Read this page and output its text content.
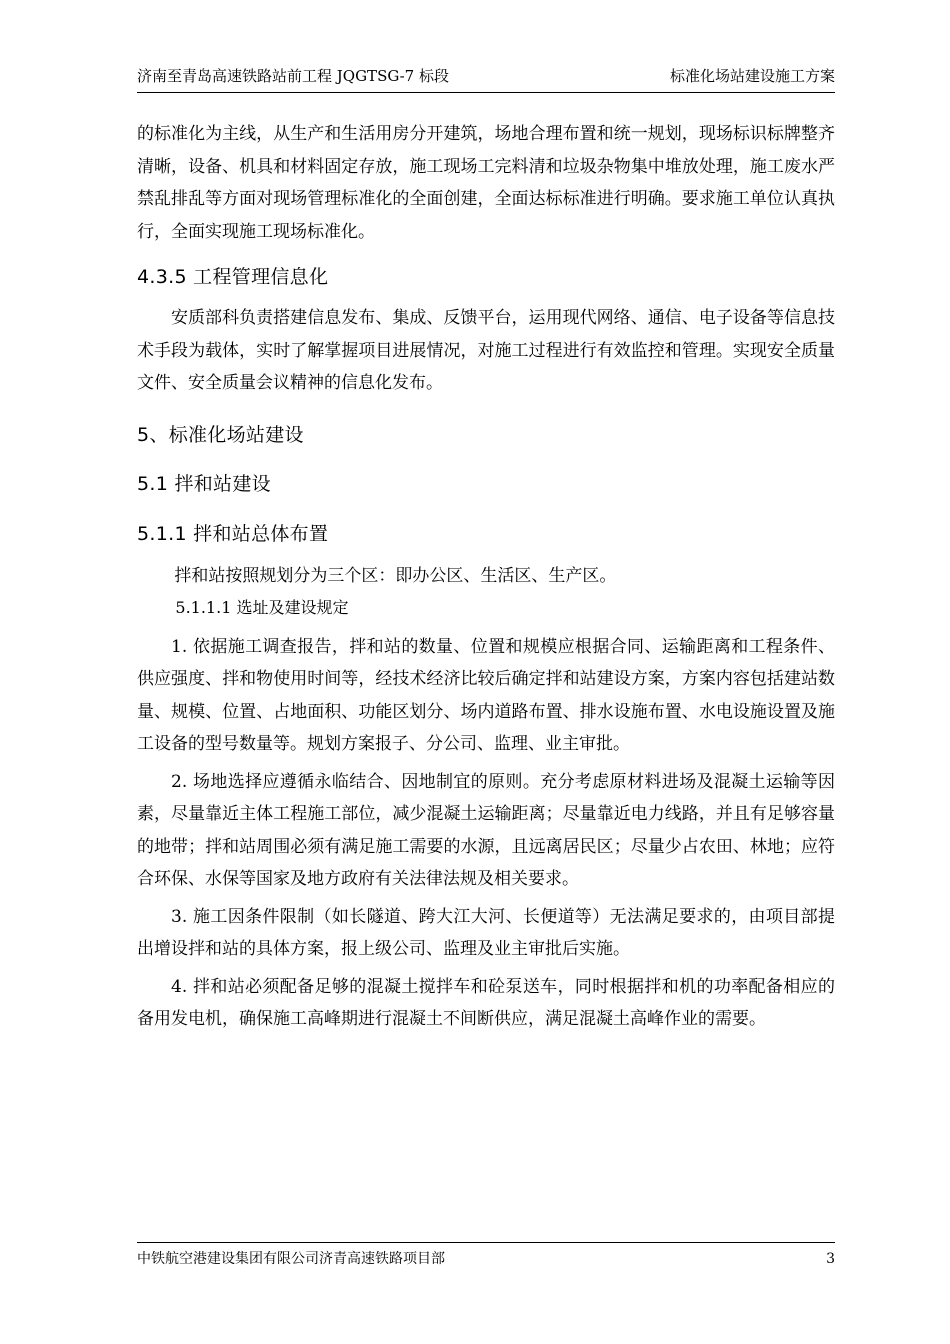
济南至青岛高速铁路站前工程 JQGTSG-7 标段	标准化场站建设施工方案

的标准化为主线，从生产和生活用房分开建筑，场地合理布置和统一规划，现场标识标牌整齐清晰，设备、机具和材料固定存放，施工现场工完料清和垃圾杂物集中堆放处理，施工废水严禁乱排乱等方面对现场管理标准化的全面创建，全面达标标准进行明确。要求施工单位认真执行，全面实现施工现场标准化。

4.3.5 工程管理信息化

安质部科负责搭建信息发布、集成、反馈平台，运用现代网络、通信、电子设备等信息技术手段为载体，实时了解掌握项目进展情况，对施工过程进行有效监控和管理。实现安全质量文件、安全质量会议精神的信息化发布。

5、标准化场站建设
5.1 拌和站建设
5.1.1 拌和站总体布置

拌和站按照规划分为三个区：即办公区、生活区、生产区。

5.1.1.1 选址及建设规定

1. 依据施工调查报告，拌和站的数量、位置和规模应根据合同、运输距离和工程条件、供应强度、拌和物使用时间等，经技术经济比较后确定拌和站建设方案，方案内容包括建站数量、规模、位置、占地面积、功能区划分、场内道路布置、排水设施布置、水电设施设置及施工设备的型号数量等。规划方案报子、分公司、监理、业主审批。

2. 场地选择应遵循永临结合、因地制宜的原则。充分考虑原材料进场及混凝土运输等因素，尽量靠近主体工程施工部位，减少混凝土运输距离；尽量靠近电力线路，并且有足够容量的地带；拌和站周围必须有满足施工需要的水源，且远离居民区；尽量少占农田、林地；应符合环保、水保等国家及地方政府有关法律法规及相关要求。

3. 施工因条件限制（如长隧道、跨大江大河、长便道等）无法满足要求的，由项目部提出增设拌和站的具体方案，报上级公司、监理及业主审批后实施。

4. 拌和站必须配备足够的混凝土搅拌车和砼泵送车，同时根据拌和机的功率配备相应的备用发电机，确保施工高峰期进行混凝土不间断供应，满足混凝土高峰作业的需要。

中铁航空港建设集团有限公司济青高速铁路项目部	3
